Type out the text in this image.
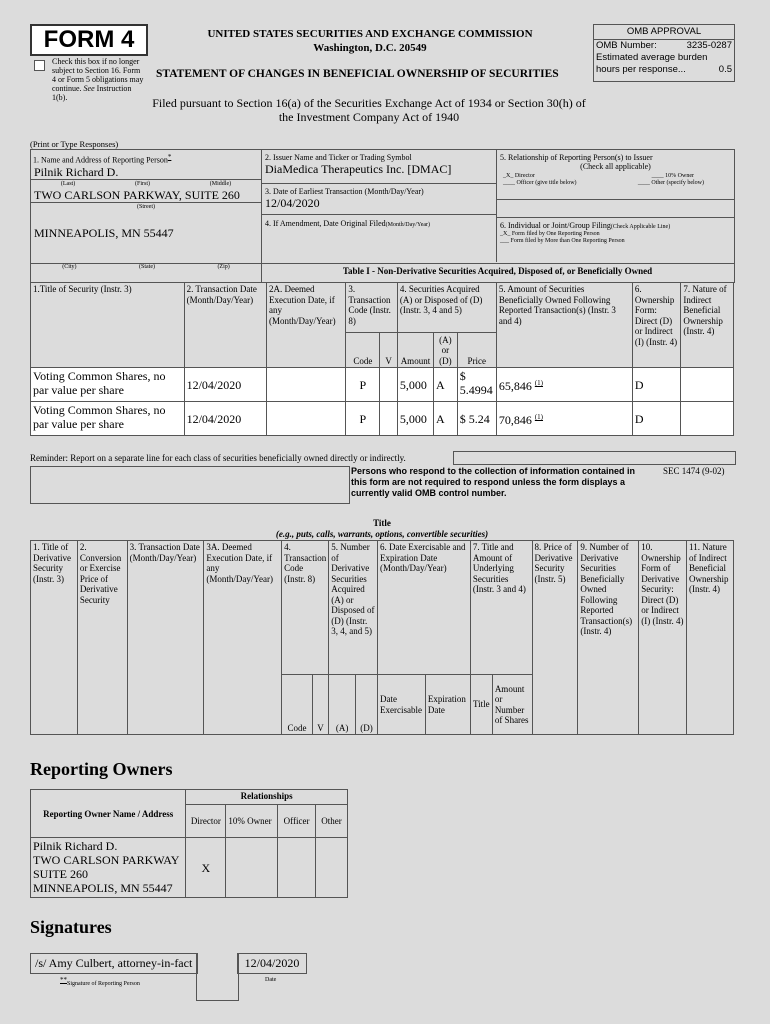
FORM 4
Check this box if no longer subject to Section 16. Form 4 or Form 5 obligations may continue. See Instruction 1(b).
UNITED STATES SECURITIES AND EXCHANGE COMMISSION
Washington, D.C. 20549
STATEMENT OF CHANGES IN BENEFICIAL OWNERSHIP OF SECURITIES
Filed pursuant to Section 16(a) of the Securities Exchange Act of 1934 or Section 30(h) of the Investment Company Act of 1940
OMB APPROVAL
OMB Number:	3235-0287
Estimated average burden
hours per response...	0.5
(Print or Type Responses)
1. Name and Address of Reporting Person*
Pilnik Richard D.
(Last)	(First)	(Middle)
TWO CARLSON PARKWAY, SUITE 260
(Street)
MINNEAPOLIS, MN 55447
2. Issuer Name and Ticker or Trading Symbol
DiaMedica Therapeutics Inc. [DMAC]
3. Date of Earliest Transaction (Month/Day/Year)
12/04/2020
4. If Amendment, Date Original Filed(Month/Day/Year)
5. Relationship of Reporting Person(s) to Issuer
(Check all applicable)
_X_ Director	____ 10% Owner
____ Officer (give title below)	____ Other (specify below)
6. Individual or Joint/Group Filing(Check Applicable Line)
_X_ Form filed by One Reporting Person
___ Form filed by More than One Reporting Person
(City)	(State)	(Zip)	Table I - Non-Derivative Securities Acquired, Disposed of, or Beneficially Owned
1.Title of Security (Instr. 3)	2. Transaction Date (Month/Day/Year)	2A. Deemed Execution Date, if any (Month/Day/Year)	3. Transaction Code (Instr. 8)		4. Securities Acquired (A) or Disposed of (D) (Instr. 3, 4 and 5)			5. Amount of Securities Beneficially Owned Following Reported Transaction(s) (Instr. 3 and 4)	6. Ownership Form: Direct (D) or Indirect (I) (Instr. 4)	7. Nature of Indirect Beneficial Ownership (Instr. 4)
			Code	V	Amount	(A) or (D)	Price			
Voting Common Shares, no par value per share	12/04/2020		P		5,000	A	$ 5.4994	65,846 $^{(1)}$	D	
Voting Common Shares, no par value per share	12/04/2020		P		5,000	A	$ 5.24	70,846 $^{(1)}$	D	
Reminder: Report on a separate line for each class of securities beneficially owned directly or indirectly.
Persons who respond to the collection of information contained in this form are not required to respond unless the form displays a currently valid OMB control number.
SEC 1474 (9-02)
Title
(e.g., puts, calls, warrants, options, convertible securities)
1. Title of Derivative Security (Instr. 3)	2. Conversion or Exercise Price of Derivative Security	3. Transaction Date (Month/Day/Year)	3A. Deemed Execution Date, if any (Month/Day/Year)	4. Transaction Code (Instr. 8)		5. Number of Derivative Securities Acquired (A) or Disposed of (D) (Instr. 3, 4, and 5)		6. Date Exercisable and Expiration Date (Month/Day/Year)		7. Title and Amount of Underlying Securities (Instr. 3 and 4)		8. Price of Derivative Security (Instr. 5)	9. Number of Derivative Securities Beneficially Owned Following Reported Transaction(s) (Instr. 4)	10. Ownership Form of Derivative Security: Direct (D) or Indirect (I) (Instr. 4)	11. Nature of Indirect Beneficial Ownership (Instr. 4)
				Code	V	(A)	(D)	Date Exercisable	Expiration Date	Title	Amount or Number of Shares				
Reporting Owners
Reporting Owner Name / Address	Relationships			
	Director	10% Owner	Officer	Other

Pilnik Richard D.
TWO CARLSON PARKWAY
SUITE 260
MINNEAPOLIS, MN 55447	X			
Signatures
/s/ Amy Culbert, attorney-in-fact	12/04/2020
**Signature of Reporting Person
Date
